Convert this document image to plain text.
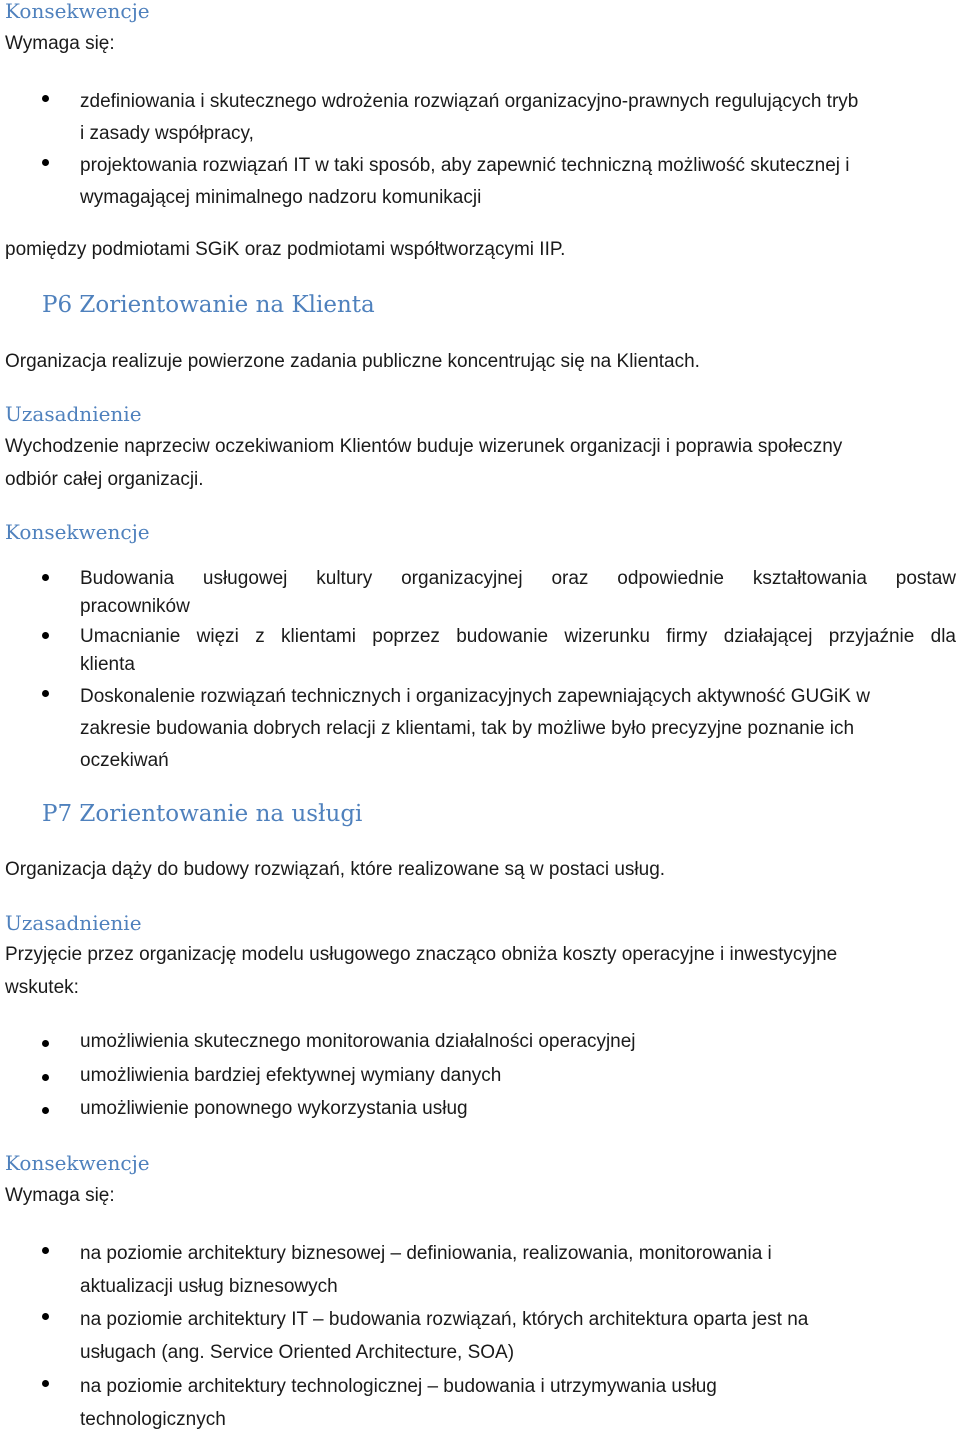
Konsekwencje
Wymaga się:
zdefiniowania i skutecznego wdrożenia rozwiązań organizacyjno-prawnych regulujących tryb
i zasady współpracy,
projektowania rozwiązań IT w taki sposób, aby zapewnić techniczną możliwość skutecznej i
wymagającej minimalnego nadzoru komunikacji
pomiędzy podmiotami SGiK oraz podmiotami współtworzącymi IIP.
P6 Zorientowanie na Klienta
Organizacja realizuje powierzone zadania publiczne koncentrując się na Klientach.
Uzasadnienie
Wychodzenie naprzeciw oczekiwaniom Klientów buduje wizerunek organizacji i poprawia społeczny
odbiór całej organizacji.
Konsekwencje
Budowania usługowej kultury organizacyjnej oraz odpowiednie kształtowania postaw
pracowników
Umacnianie więzi z klientami poprzez budowanie wizerunku firmy działającej przyjaźnie dla
klienta
Doskonalenie rozwiązań technicznych i organizacyjnych zapewniających aktywność GUGiK w
zakresie budowania dobrych relacji z klientami, tak by możliwe było precyzyjne poznanie ich
oczekiwań
P7 Zorientowanie na usługi
Organizacja dąży do budowy rozwiązań, które realizowane są w postaci usług.
Uzasadnienie
Przyjęcie przez organizację modelu usługowego znacząco obniża koszty operacyjne i inwestycyjne
wskutek:
umożliwienia skutecznego monitorowania działalności operacyjnej
umożliwienia bardziej efektywnej wymiany danych
umożliwienie ponownego wykorzystania usług
Konsekwencje
Wymaga się:
na poziomie architektury biznesowej – definiowania, realizowania, monitorowania i
aktualizacji usług biznesowych
na poziomie architektury IT – budowania rozwiązań, których architektura oparta jest na
usługach (ang. Service Oriented Architecture, SOA)
na poziomie architektury technologicznej – budowania i utrzymywania usług
technologicznych
